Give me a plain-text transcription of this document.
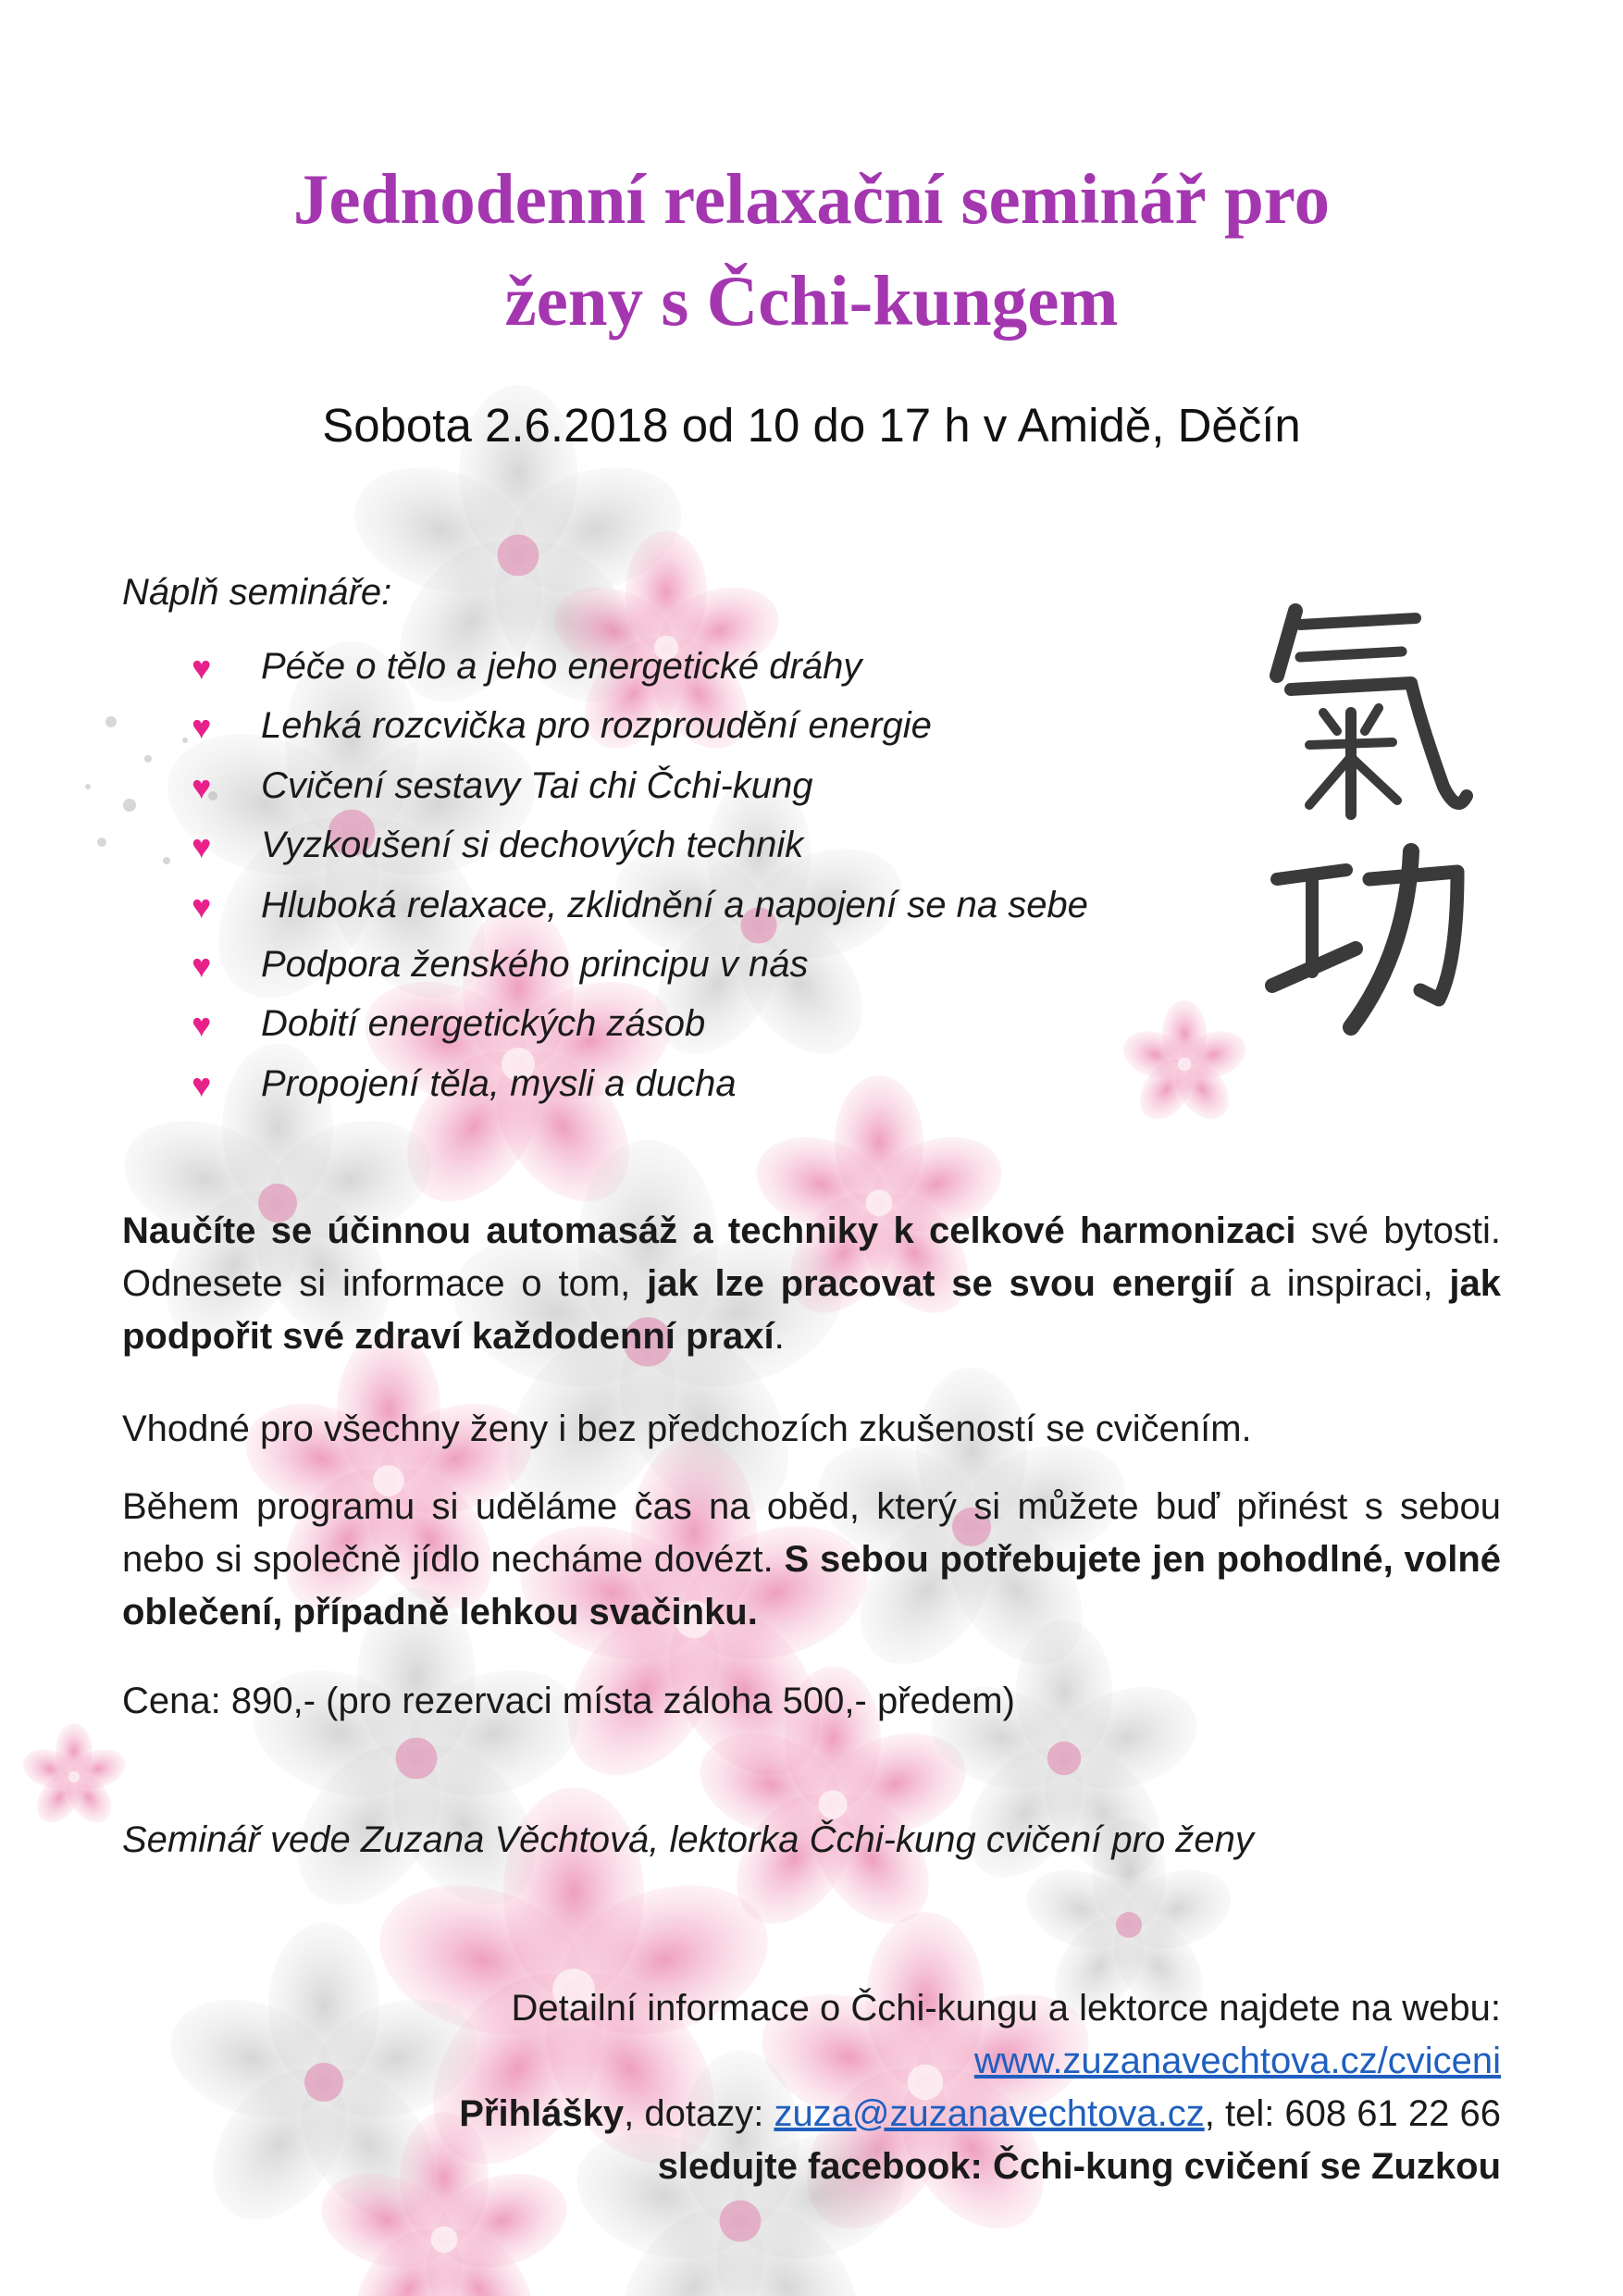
Jednodenní relaxační seminář pro
ženy s Čchi-kungem
Sobota 2.6.2018 od 10 do 17 h v Amidě, Děčín
Náplň semináře:
♥ Péče o tělo a jeho energetické dráhy
♥ Lehká rozcvička pro rozproudění energie
♥ Cvičení sestavy Tai chi Čchi-kung
♥ Vyzkoušení si dechových technik
♥ Hluboká relaxace, zklidnění a napojení se na sebe
♥ Podpora ženského principu v nás
♥ Dobití energetických zásob
♥ Propojení těla, mysli a ducha
Naučíte se účinnou automasáž a techniky k celkové harmonizaci své bytosti. Odnesete si informace o tom, jak lze pracovat se svou energií a inspiraci, jak podpořit své zdraví každodenní praxí.
Vhodné pro všechny ženy i bez předchozích zkušeností se cvičením.
Během programu si uděláme čas na oběd, který si můžete buď přinést s sebou nebo si společně jídlo necháme dovézt. S sebou potřebujete jen pohodlné, volné oblečení, případně lehkou svačinku.
Cena: 890,- (pro rezervaci místa záloha 500,- předem)
Seminář vede Zuzana Věchtová, lektorka Čchi-kung cvičení pro ženy
Detailní informace o Čchi-kungu a lektorce najdete na webu:
www.zuzanavechtova.cz/cviceni
Přihlášky, dotazy: zuza@zuzanavechtova.cz, tel: 608 61 22 66
sledujte facebook: Čchi-kung cvičení se Zuzkou
